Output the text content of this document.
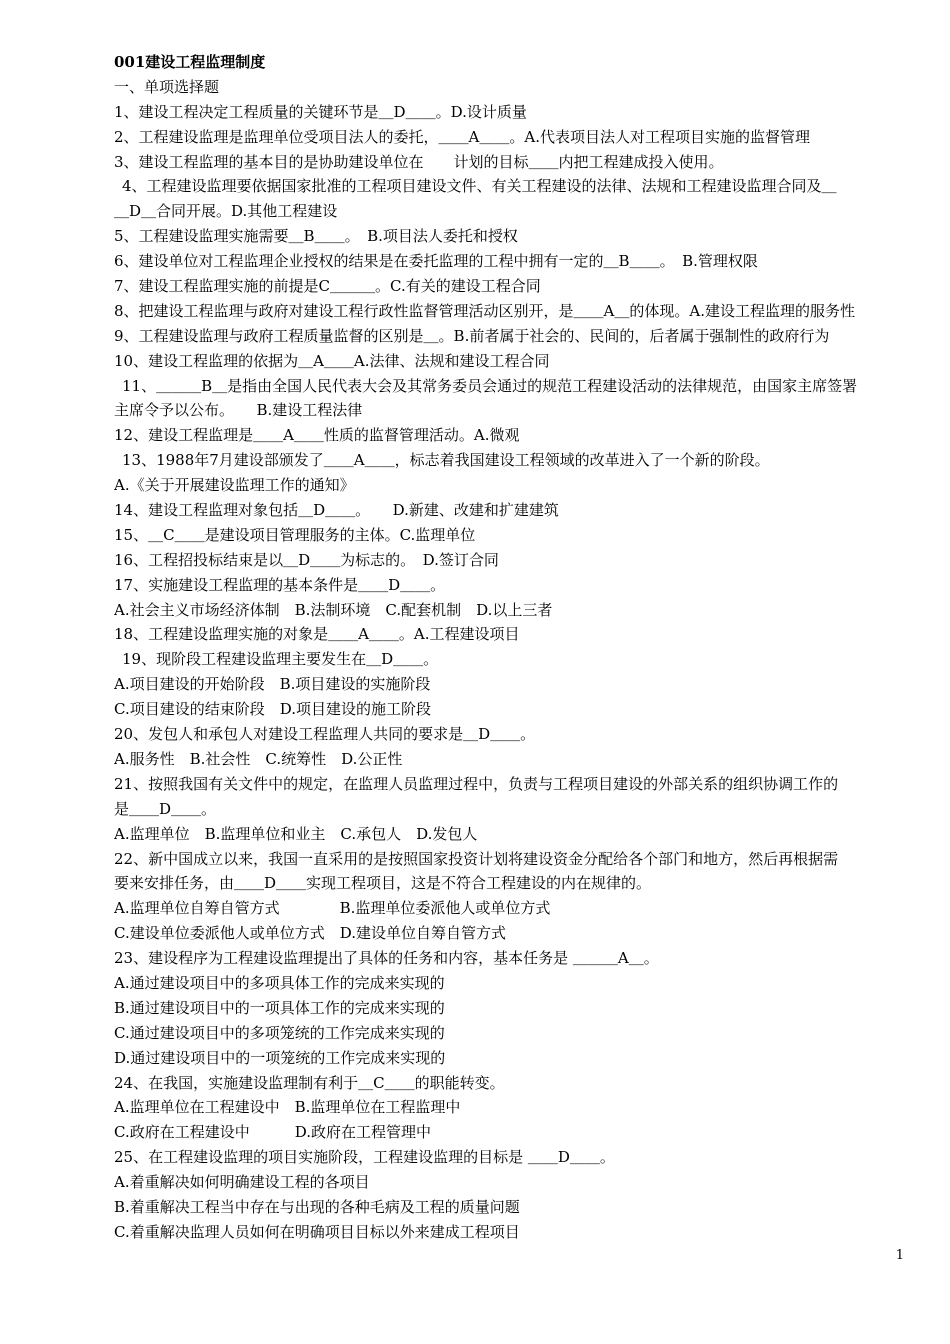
001建设工程监理制度
一、单项选择题
1、建设工程决定工程质量的关键环节是＿D＿＿。D.设计质量
2、工程建设监理是监理单位受项目法人的委托，＿＿A＿＿。A.代表项目法人对工程项目实施的监督管理
3、建设工程监理的基本目的是协助建设单位在　　计划的目标＿＿内把工程建成投入使用。
4、工程建设监理要依据国家批准的工程项目建设文件、有关工程建设的法律、法规和工程建设监理合同及＿
＿D＿合同开展。D.其他工程建设
5、工程建设监理实施需要＿B＿＿。　B.项目法人委托和授权
6、建设单位对工程监理企业授权的结果是在委托监理的工程中拥有一定的＿B＿＿。　B.管理权限
7、建设工程监理实施的前提是C＿＿＿。C.有关的建设工程合同
8、把建设工程监理与政府对建设工程行政性监督管理活动区别开，是＿＿A＿的体现。A.建设工程监理的服务性
9、工程建设监理与政府工程质量监督的区别是＿。B.前者属于社会的、民间的，后者属于强制性的政府行为
10、建设工程监理的依据为＿A＿＿A.法律、法规和建设工程合同
11、＿＿＿B＿是指由全国人民代表大会及其常务委员会通过的规范工程建设活动的法律规范，由国家主席签署
主席令予以公布。　　B.建设工程法律
12、建设工程监理是＿＿A＿＿性质的监督管理活动。A.微观
13、1988年7月建设部颁发了＿＿A＿＿，标志着我国建设工程领域的改革进入了一个新的阶段。
A.《关于开展建设监理工作的通知》
14、建设工程监理对象包括＿D＿＿。　　D.新建、改建和扩建建筑
15、＿C＿＿是建设项目管理服务的主体。C.监理单位
16、工程招投标结束是以＿D＿＿为标志的。　D.签订合同
17、实施建设工程监理的基本条件是＿＿D＿＿。
A.社会主义市场经济体制　B.法制环境　C.配套机制　D.以上三者
18、工程建设监理实施的对象是＿＿A＿＿。A.工程建设项目
19、现阶段工程建设监理主要发生在＿D＿＿。
A.项目建设的开始阶段　B.项目建设的实施阶段
C.项目建设的结束阶段　D.项目建设的施工阶段
20、发包人和承包人对建设工程监理人共同的要求是＿D＿＿。
A.服务性　B.社会性　C.统筹性　D.公正性
21、按照我国有关文件中的规定，在监理人员监理过程中，负责与工程项目建设的外部关系的组织协调工作的
是＿＿D＿＿。
A.监理单位　B.监理单位和业主　C.承包人　D.发包人
22、新中国成立以来，我国一直采用的是按照国家投资计划将建设资金分配给各个部门和地方，然后再根据需
要来安排任务，由＿＿D＿＿实现工程项目，这是不符合工程建设的内在规律的。
A.监理单位自筹自管方式　　　　B.监理单位委派他人或单位方式
C.建设单位委派他人或单位方式　D.建设单位自筹自管方式
23、建设程序为工程建设监理提出了具体的任务和内容，基本任务是 ＿＿＿A＿。
A.通过建设项目中的多项具体工作的完成来实现的
B.通过建设项目中的一项具体工作的完成来实现的
C.通过建设项目中的多项笼统的工作完成来实现的
D.通过建设项目中的一项笼统的工作完成来实现的
24、在我国，实施建设监理制有利于＿C＿＿的职能转变。
A.监理单位在工程建设中　B.监理单位在工程监理中
C.政府在工程建设中　　　D.政府在工程管理中
25、在工程建设监理的项目实施阶段，工程建设监理的目标是 ＿＿D＿＿。
A.着重解决如何明确建设工程的各项目
B.着重解决工程当中存在与出现的各种毛病及工程的质量问题
C.着重解决监理人员如何在明确项目目标以外来建成工程项目
1
